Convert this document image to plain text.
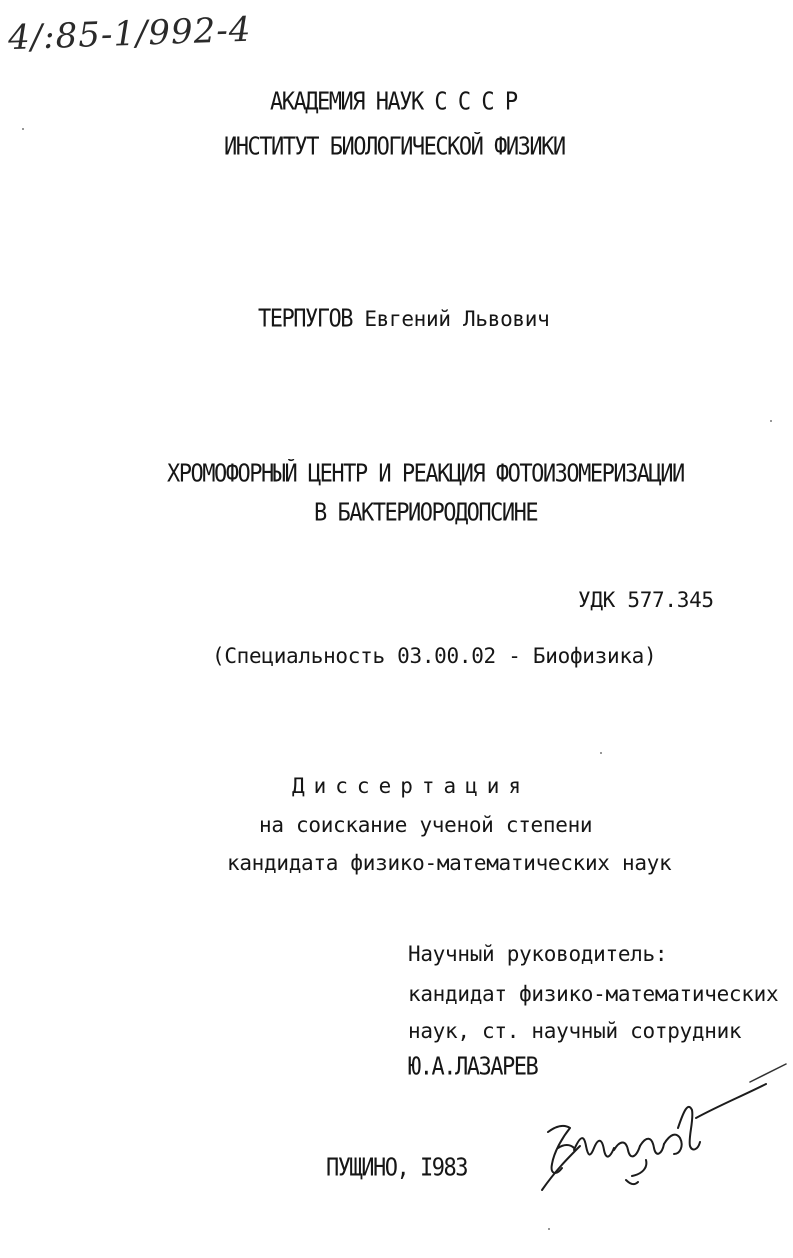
4/:85-1/992-4
АКАДЕМИЯ НАУК С С С Р
ИНСТИТУТ БИОЛОГИЧЕСКОЙ ФИЗИКИ
ТЕРПУГОВ Евгений Львович
ХРОМОФОРНЫЙ ЦЕНТР И РЕАКЦИЯ ФОТОИЗОМЕРИЗАЦИИ
В БАКТЕРИОРОДОПСИНЕ
УДК 577.345
(Специальность 03.00.02 - Биофизика)
Диссертация
на соискание ученой степени
кандидата физико-математических наук
Научный руководитель:
кандидат физико-математических
наук, ст. научный сотрудник
Ю.А.ЛАЗАРЕВ
ПУЩИНО, I983
